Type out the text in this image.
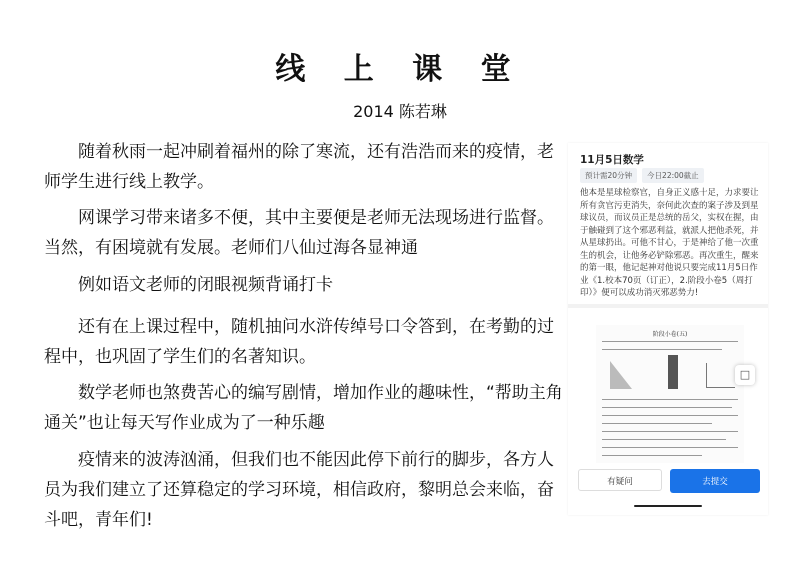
线 上 课 堂
2014 陈若琳

随着秋雨一起冲刷着福州的除了寒流，还有浩浩而来的疫情，老师学生进行线上教学。

网课学习带来诸多不便，其中主要便是老师无法现场进行监督。当然，有困境就有发展。老师们八仙过海各显神通

例如语文老师的闭眼视频背诵打卡

还有在上课过程中，随机抽问水浒传绰号口令答到，在考勤的过程中，也巩固了学生们的名著知识。

数学老师也煞费苦心的编写剧情，增加作业的趣味性，“帮助主角通关”也让每天写作业成为了一种乐趣

疫情来的波涛汹涌，但我们也不能因此停下前行的脚步，各方人员为我们建立了还算稳定的学习环境，相信政府，黎明总会来临，奋斗吧，青年们!

11月5日数学
预计需20分钟	今日22:00截止

他本是星球检察官，自身正义感十足，力求要让所有贪官污吏消失，奈何此次查的案子涉及到星球议员，而议员正是总统的岳父，实权在握，由于触碰到了这个邪恶利益，就派人把他杀死，并从星球扔出。可他不甘心，于是神给了他一次重生的机会，让他务必铲除邪恶。再次重生，醒来的第一眼，他记起神对他说只要完成11月5日作业《1.校本70页（订正），2.阶段小卷5（周打印）》便可以成功消灭邪恶势力!

阶段小卷(五)
有疑问	去提交
□
